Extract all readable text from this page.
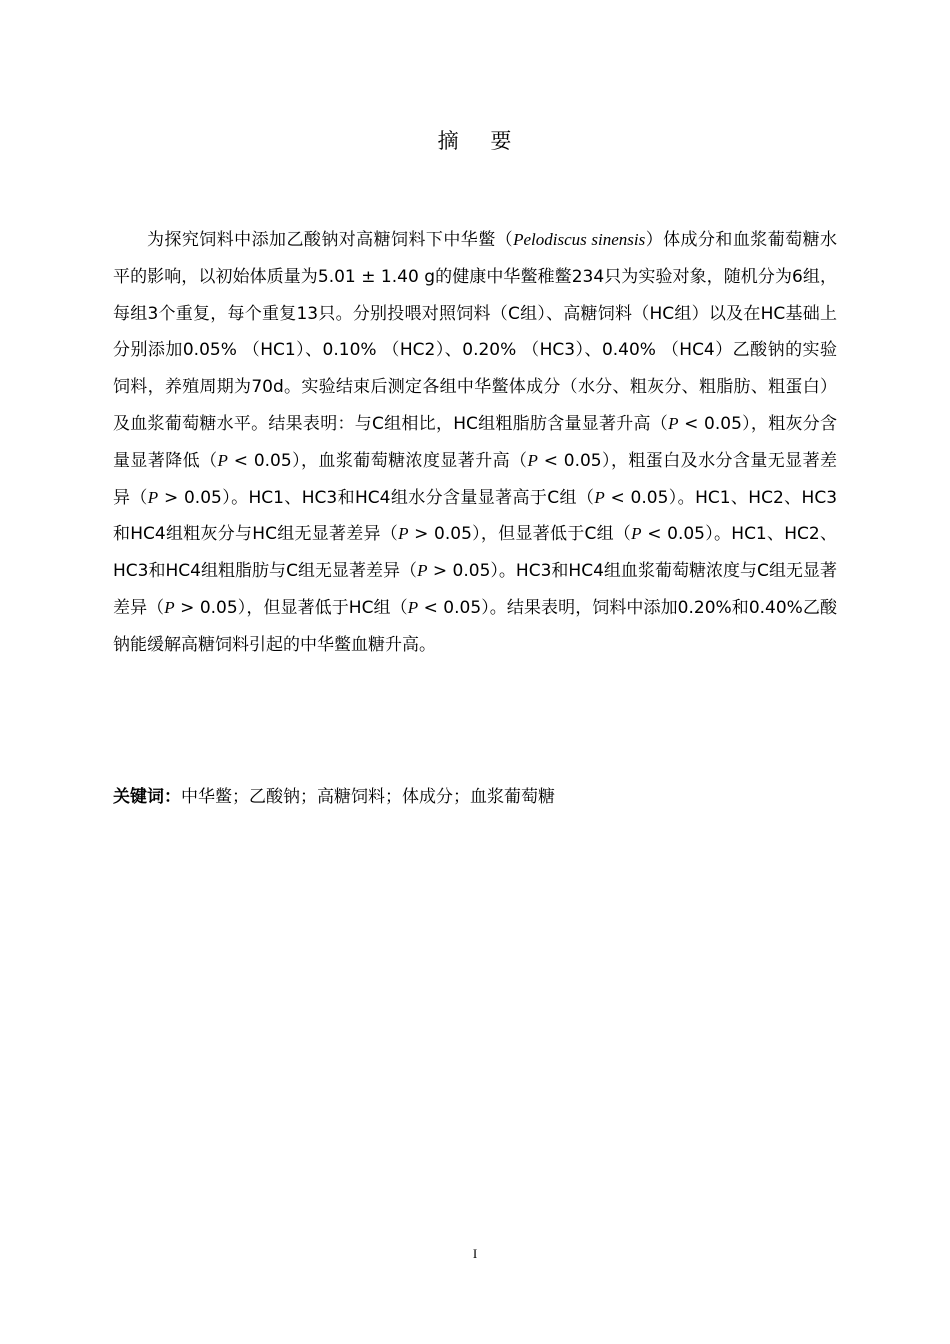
摘    要

为探究饲料中添加乙酸钠对高糖饲料下中华鳖（Pelodiscus sinensis）体成分和血浆葡萄糖水平的影响，以初始体质量为5.01 ± 1.40 g的健康中华鳖稚鳖234只为实验对象，随机分为6组，每组3个重复，每个重复13只。分别投喂对照饲料（C组）、高糖饲料（HC组）以及在HC基础上分别添加0.05% （HC1）、0.10% （HC2）、0.20% （HC3）、0.40% （HC4）乙酸钠的实验饲料，养殖周期为70d。实验结束后测定各组中华鳖体成分（水分、粗灰分、粗脂肪、粗蛋白）及血浆葡萄糖水平。结果表明：与C组相比，HC组粗脂肪含量显著升高（P < 0.05），粗灰分含量显著降低（P < 0.05），血浆葡萄糖浓度显著升高（P < 0.05），粗蛋白及水分含量无显著差异（P > 0.05）。HC1、HC3和HC4组水分含量显著高于C组（P < 0.05）。HC1、HC2、HC3和HC4组粗灰分与HC组无显著差异（P > 0.05），但显著低于C组（P < 0.05）。HC1、HC2、HC3和HC4组粗脂肪与C组无显著差异（P > 0.05）。HC3和HC4组血浆葡萄糖浓度与C组无显著差异（P > 0.05），但显著低于HC组（P < 0.05）。结果表明，饲料中添加0.20%和0.40%乙酸钠能缓解高糖饲料引起的中华鳖血糖升高。

关键词：中华鳖；乙酸钠；高糖饲料；体成分；血浆葡萄糖
I
